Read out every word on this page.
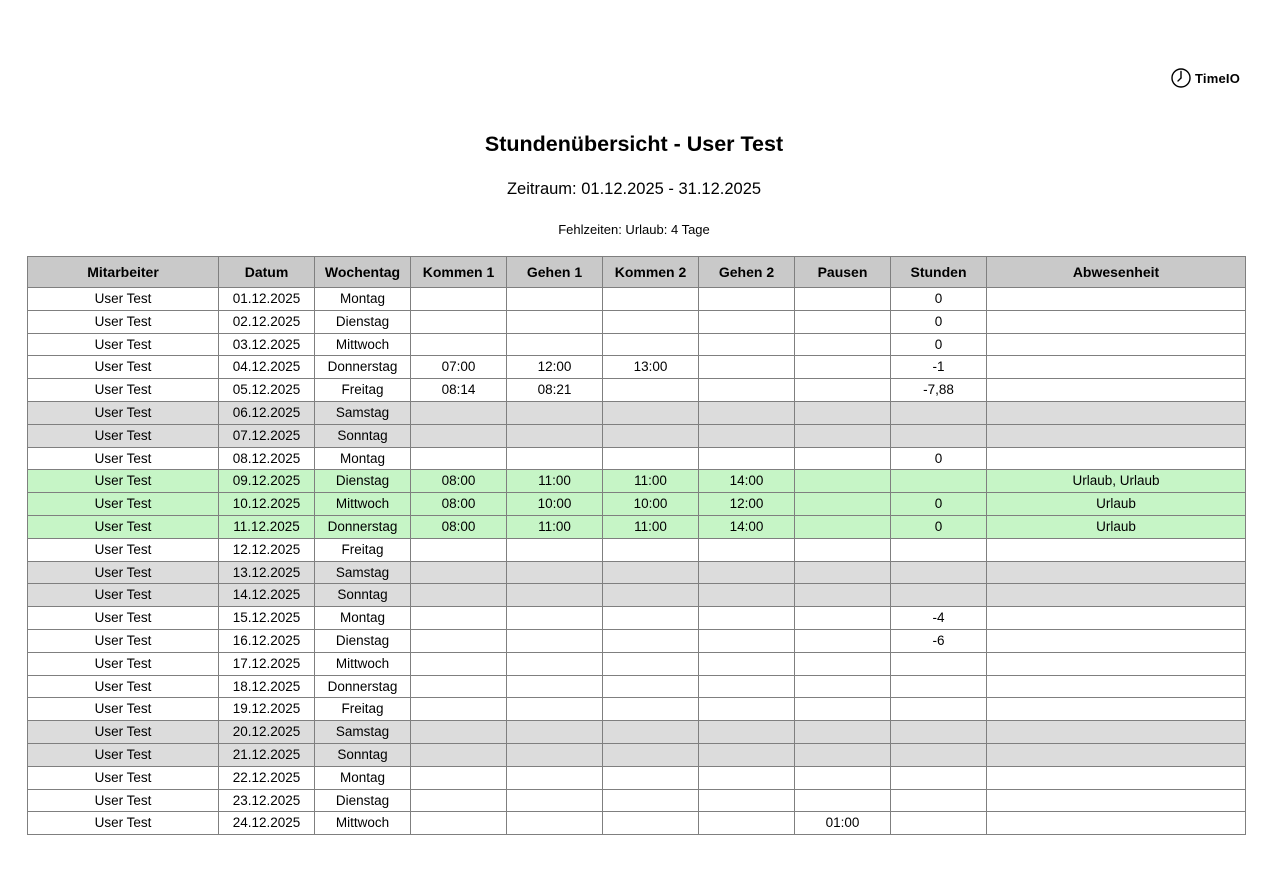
TimeIO
Stundenübersicht - User Test

Zeitraum: 01.12.2025 - 31.12.2025

Fehlzeiten: Urlaub: 4 Tage

Mitarbeiter	Datum	Wochentag	Kommen 1	Gehen 1	Kommen 2	Gehen 2	Pausen	Stunden	Abwesenheit
User Test	01.12.2025	Montag						0	
User Test	02.12.2025	Dienstag						0	
User Test	03.12.2025	Mittwoch						0	
User Test	04.12.2025	Donnerstag	07:00	12:00	13:00			-1	
User Test	05.12.2025	Freitag	08:14	08:21				-7,88	
User Test	06.12.2025	Samstag							
User Test	07.12.2025	Sonntag							
User Test	08.12.2025	Montag						0	
User Test	09.12.2025	Dienstag	08:00	11:00	11:00	14:00			Urlaub, Urlaub
User Test	10.12.2025	Mittwoch	08:00	10:00	10:00	12:00		0	Urlaub
User Test	11.12.2025	Donnerstag	08:00	11:00	11:00	14:00		0	Urlaub
User Test	12.12.2025	Freitag							
User Test	13.12.2025	Samstag							
User Test	14.12.2025	Sonntag							
User Test	15.12.2025	Montag						-4	
User Test	16.12.2025	Dienstag						-6	
User Test	17.12.2025	Mittwoch							
User Test	18.12.2025	Donnerstag							
User Test	19.12.2025	Freitag							
User Test	20.12.2025	Samstag							
User Test	21.12.2025	Sonntag							
User Test	22.12.2025	Montag							
User Test	23.12.2025	Dienstag							
User Test	24.12.2025	Mittwoch					01:00		
